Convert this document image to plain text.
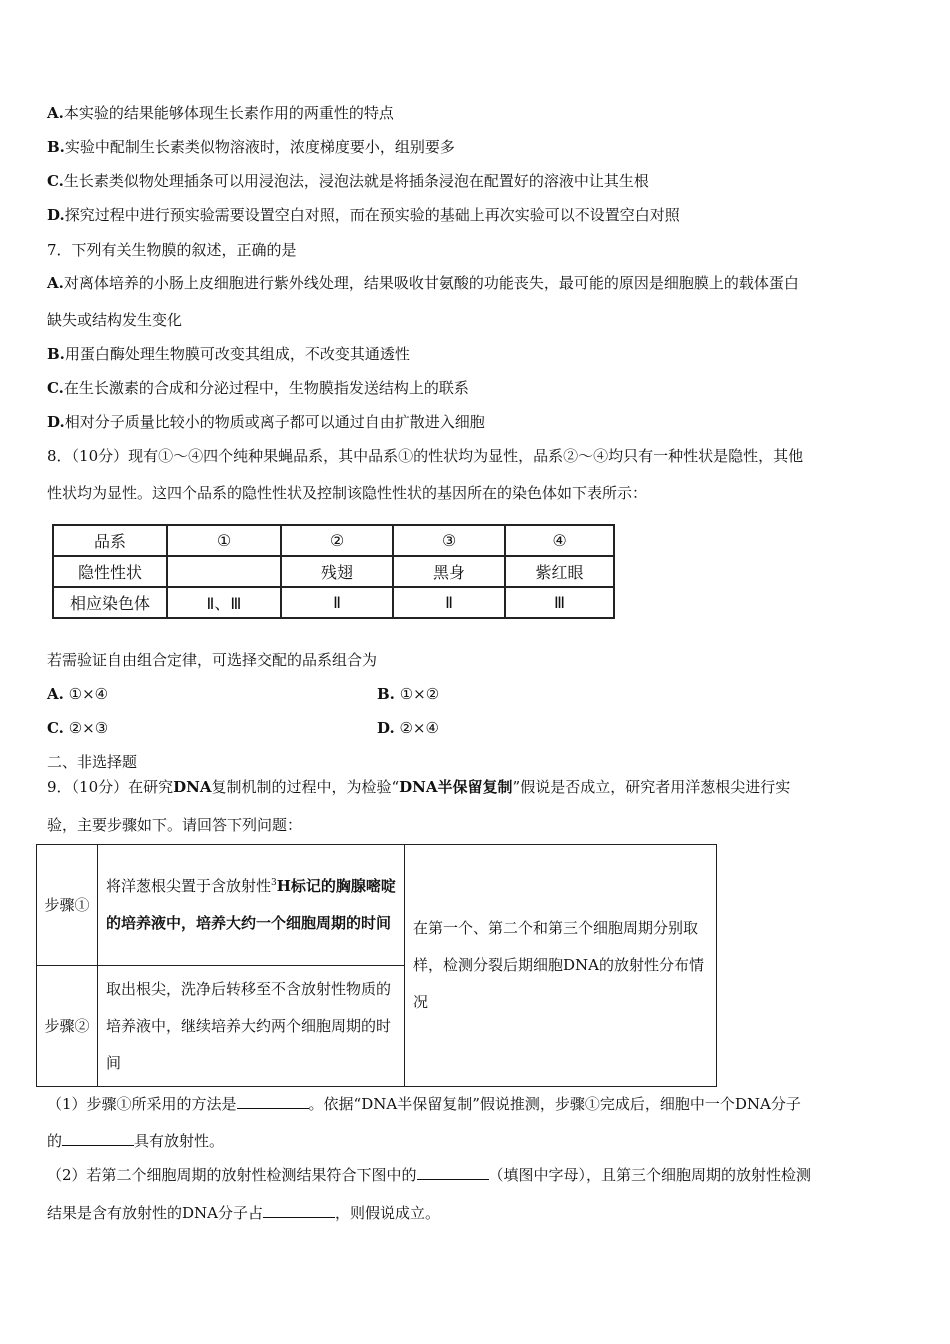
A.本实验的结果能够体现生长素作用的两重性的特点
B.实验中配制生长素类似物溶液时，浓度梯度要小，组别要多
C.生长素类似物处理插条可以用浸泡法，浸泡法就是将插条浸泡在配置好的溶液中让其生根
D.探究过程中进行预实验需要设置空白对照，而在预实验的基础上再次实验可以不设置空白对照
7．下列有关生物膜的叙述，正确的是
A.对离体培养的小肠上皮细胞进行紫外线处理，结果吸收甘氨酸的功能丧失，最可能的原因是细胞膜上的载体蛋白
缺失或结构发生变化
B.用蛋白酶处理生物膜可改变其组成，不改变其通透性
C.在生长激素的合成和分泌过程中，生物膜指发送结构上的联系
D.相对分子质量比较小的物质或离子都可以通过自由扩散进入细胞
8．（10分）现有①～④四个纯种果蝇品系，其中品系①的性状均为显性，品系②～④均只有一种性状是隐性，其他
性状均为显性。这四个品系的隐性性状及控制该隐性性状的基因所在的染色体如下表所示：
品系	①	②	③	④
隐性性状		残翅	黑身	紫红眼
相应染色体	Ⅱ、Ⅲ	Ⅱ	Ⅱ	Ⅲ
若需验证自由组合定律，可选择交配的品系组合为
A. ①×④	B. ①×②
C. ②×③	D. ②×④
二、非选择题
9．（10分）在研究DNA复制机制的过程中，为检验“DNA半保留复制”假说是否成立，研究者用洋葱根尖进行实
验，主要步骤如下。请回答下列问题：
步骤①	将洋葱根尖置于含放射性$^3$H标记的胸腺嘧啶的培养液中，培养大约一个细胞周期的时间	在第一个、第二个和第三个细胞周期分别取样，检测分裂后期细胞DNA的放射性分布情况
步骤②	取出根尖，洗净后转移至不含放射性物质的培养液中，继续培养大约两个细胞周期的时间	
（1）步骤①所采用的方法是	。依据“DNA半保留复制”假说推测，步骤①完成后，细胞中一个DNA分子
的	具有放射性。
（2）若第二个细胞周期的放射性检测结果符合下图中的	（填图中字母），且第三个细胞周期的放射性检测
结果是含有放射性的DNA分子占	，则假说成立。
